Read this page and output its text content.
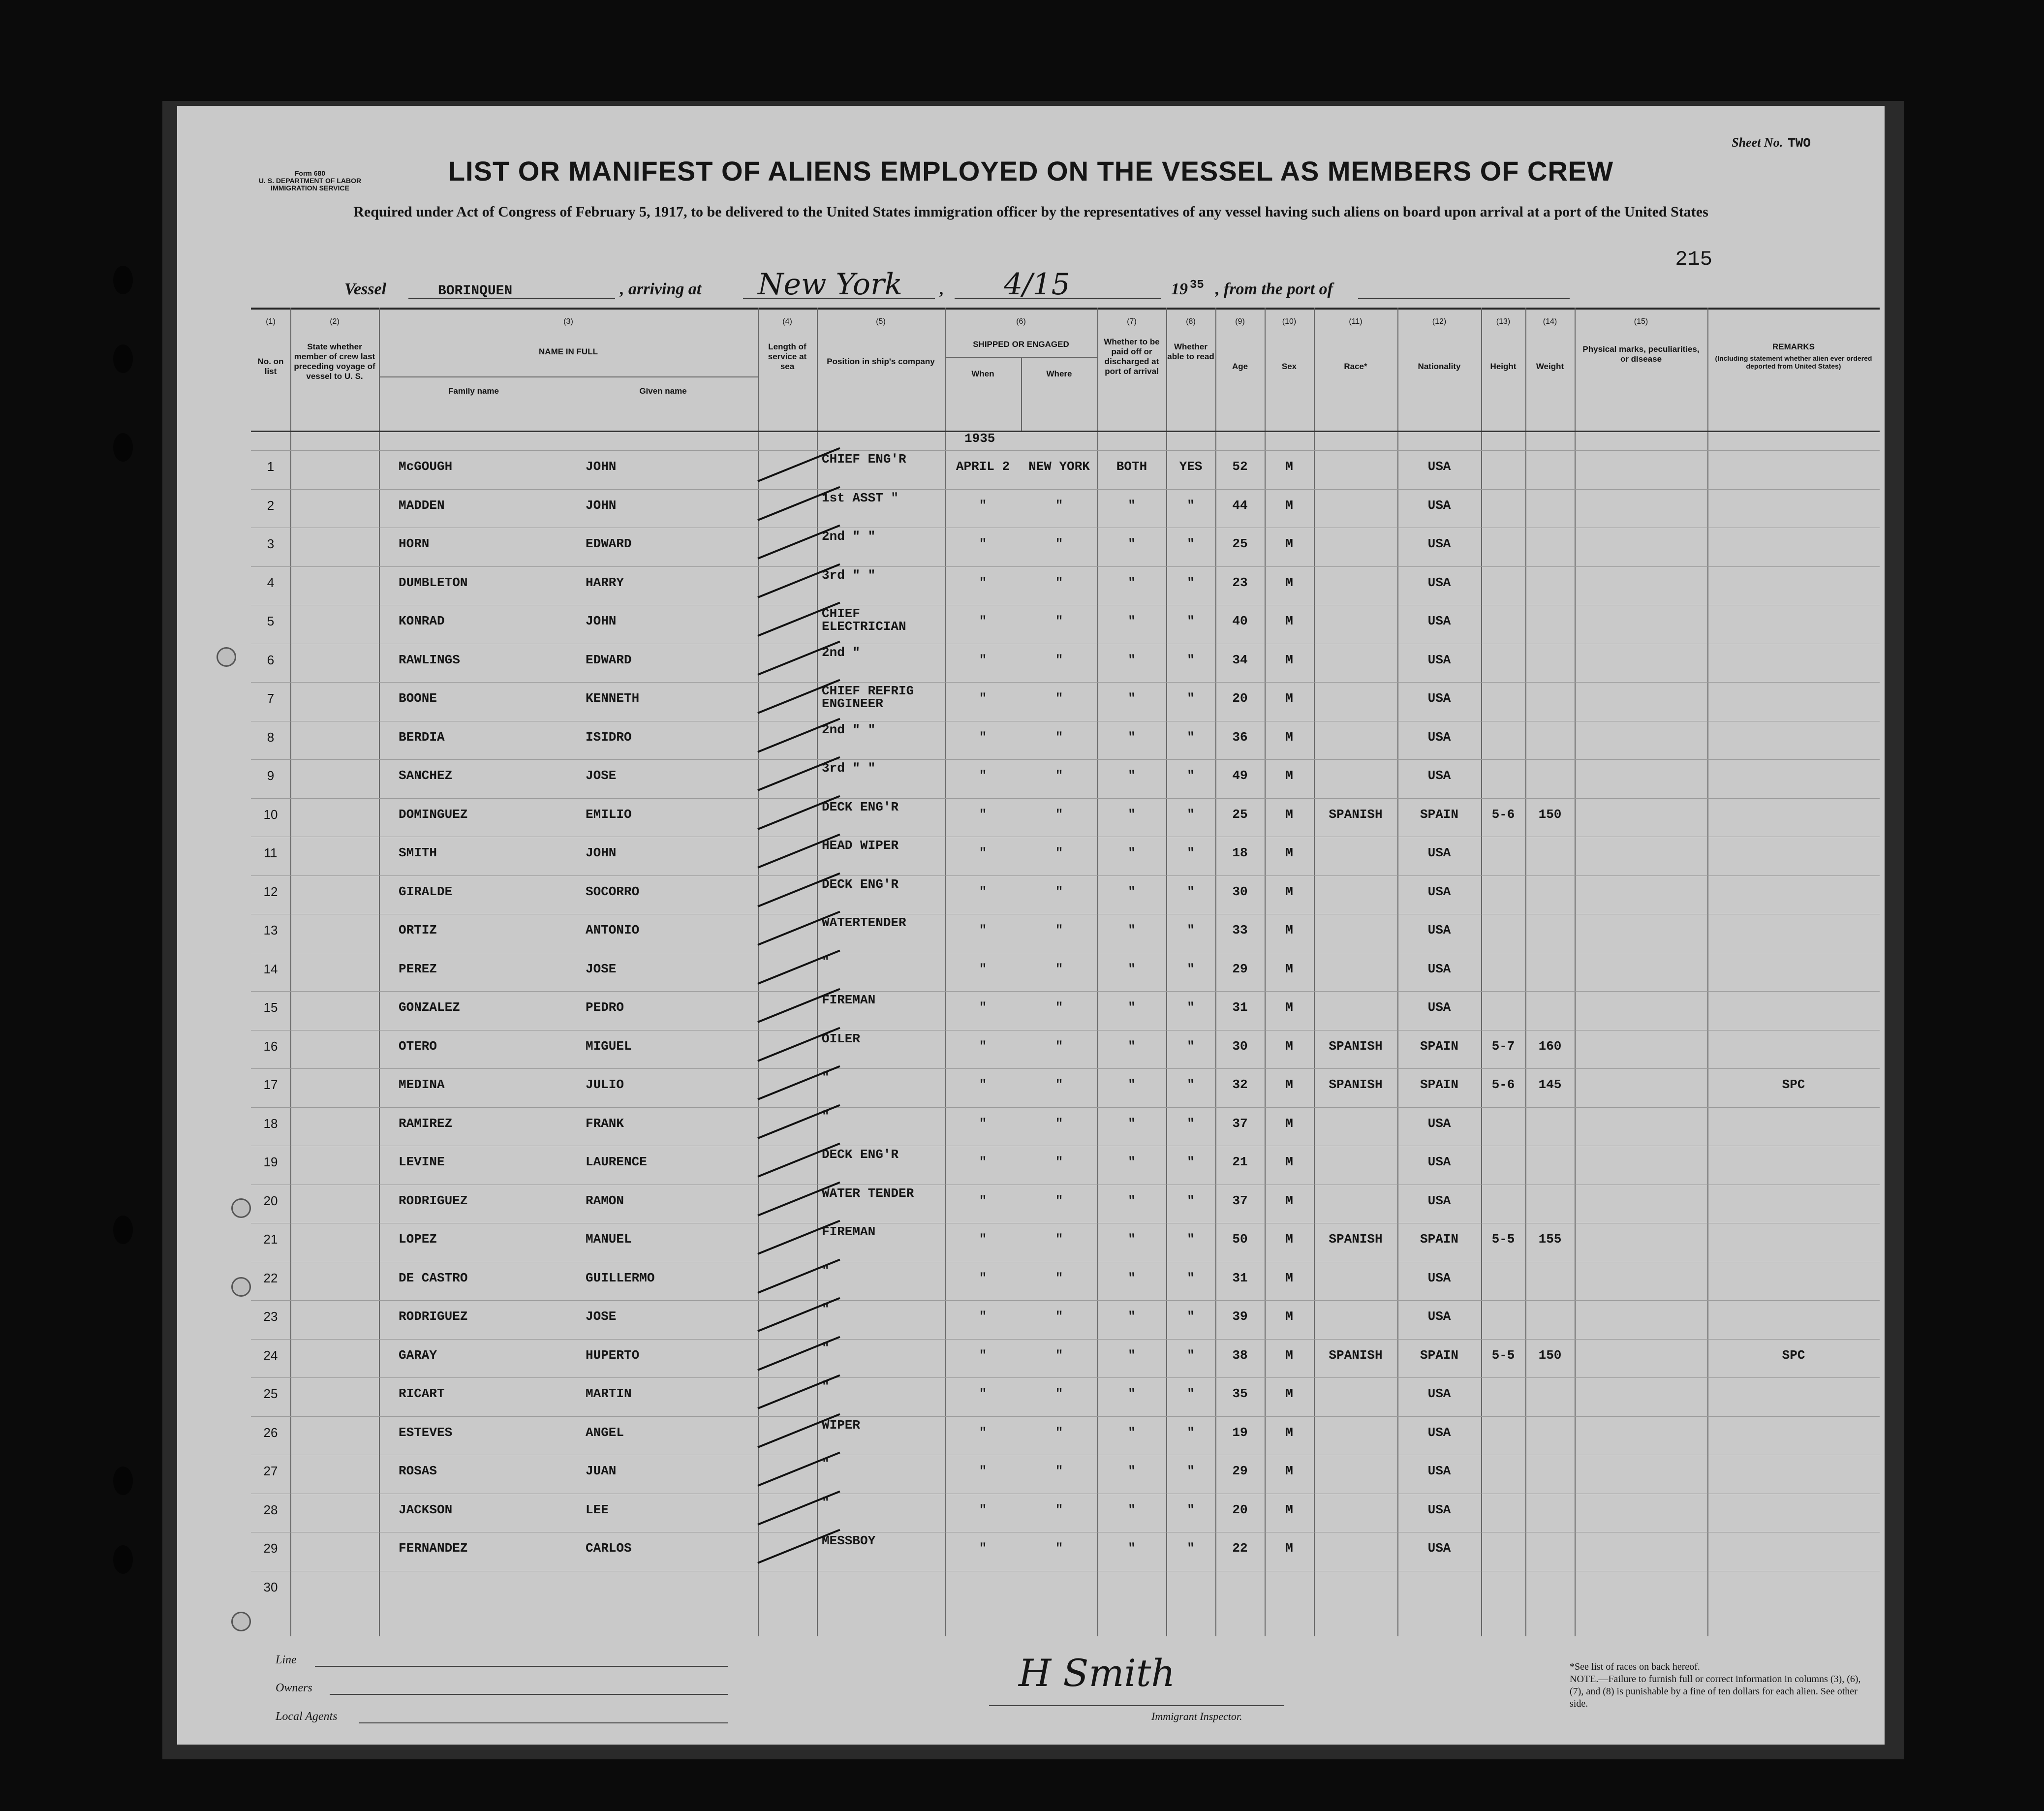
Form 680
U. S. DEPARTMENT OF LABOR
IMMIGRATION SERVICE
Sheet No. TWO
LIST OR MANIFEST OF ALIENS EMPLOYED ON THE VESSEL AS MEMBERS OF CREW
Required under Act of Congress of February 5, 1917, to be delivered to the United States immigration officer by the representatives of any vessel having such aliens on board upon arrival at a port of the United States
215
Vessel	BORINQUEN	, arriving at New York , 4/15	19 35 , from the port of
(1)	(2)	(3)	(4)	(5)	(6)	(7)	(8)	(9)	(10)	(11)	(12)	(13)	(14)	(15)
No. on list
State whether member of crew last preceding voyage of vessel to U. S.
NAME IN FULL
Family name	Given name
Length of service at sea
Position in ship's company
SHIPPED OR ENGAGED
When	Where
Whether to be paid off or discharged at port of arrival
Whether able to read
Age	Sex	Race*	Nationality	Height	Weight
Physical marks, peculiarities, or disease
REMARKS
(Including statement whether alien ever ordered deported from United States)
1935
1	McGOUGH	JOHN	CHIEF ENG'R	APRIL 2	NEW YORK	BOTH	YES	52	M	USA
2	MADDEN	JOHN	1st ASST "	"	"	"	"	44	M	USA
3	HORN	EDWARD	2nd " "	"	"	"	"	25	M	USA
4	DUMBLETON	HARRY	3rd " "	"	"	"	"	23	M	USA
5	KONRAD	JOHN	CHIEF ELECTRICIAN	"	"	"	"	40	M	USA
6	RAWLINGS	EDWARD	2nd "	"	"	"	"	34	M	USA
7	BOONE	KENNETH	CHIEF REFRIG ENGINEER	"	"	"	"	20	M	USA
8	BERDIA	ISIDRO	2nd " "	"	"	"	"	36	M	USA
9	SANCHEZ	JOSE	3rd " "	"	"	"	"	49	M	USA
10	DOMINGUEZ	EMILIO	DECK ENG'R	"	"	"	"	25	M	SPANISH	SPAIN	5-6	150
11	SMITH	JOHN	HEAD WIPER	"	"	"	"	18	M	USA
12	GIRALDE	SOCORRO	DECK ENG'R	"	"	"	"	30	M	USA
13	ORTIZ	ANTONIO	WATERTENDER	"	"	"	"	33	M	USA
14	PEREZ	JOSE	"	"	"	"	"	29	M	USA
15	GONZALEZ	PEDRO	FIREMAN	"	"	"	"	31	M	USA
16	OTERO	MIGUEL	OILER	"	"	"	"	30	M	SPANISH	SPAIN	5-7	160
17	MEDINA	JULIO	"	"	"	"	"	32	M	SPANISH	SPAIN	5-6	145	SPC
18	RAMIREZ	FRANK	"	"	"	"	"	37	M	USA
19	LEVINE	LAURENCE	DECK ENG'R	"	"	"	"	21	M	USA
20	RODRIGUEZ	RAMON	WATER TENDER	"	"	"	"	37	M	USA
21	LOPEZ	MANUEL	FIREMAN	"	"	"	"	50	M	SPANISH	SPAIN	5-5	155
22	DE CASTRO	GUILLERMO	"	"	"	"	"	31	M	USA
23	RODRIGUEZ	JOSE	"	"	"	"	"	39	M	USA
24	GARAY	HUPERTO	"	"	"	"	"	38	M	SPANISH	SPAIN	5-5	150	SPC
25	RICART	MARTIN	"	"	"	"	"	35	M	USA
26	ESTEVES	ANGEL	WIPER	"	"	"	"	19	M	USA
27	ROSAS	JUAN	"	"	"	"	"	29	M	USA
28	JACKSON	LEE	"	"	"	"	"	20	M	USA
29	FERNANDEZ	CARLOS	MESSBOY	"	"	"	"	22	M	USA
30
Line
Owners
Local Agents
H Smith
Immigrant Inspector.
*See list of races on back hereof.
NOTE.—Failure to furnish full or correct information in columns (3), (6), (7), and (8) is punishable by a fine of ten dollars for each alien. See other side.
